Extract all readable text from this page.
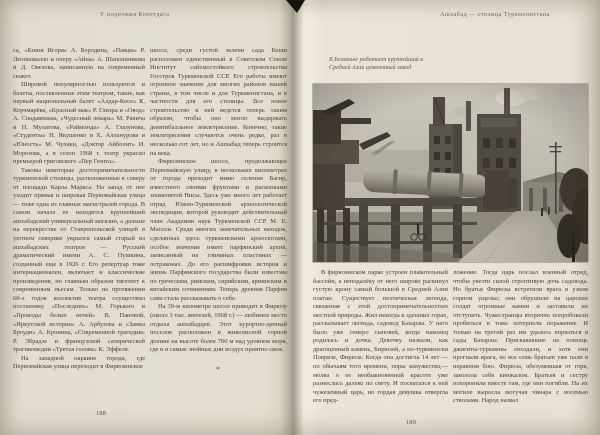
У подножия Копетдага	Ашхабад — столица Туркменистана

са, «Князя Игоря» А. Бородина, «Паяцы» Р. Леонковалло и оперу «Айна» А. Шапошникова и Д. Овезова, написанную на современный сюжет.

Широкой популярностью пользуются и балеты, поставленные этим театром, такие, как первый национальный балет «Алдар-Косе» К. Корчмарёва, «Красный мак» Р. Глиэра и «Овод» А. Спадавеккиа, «Чудесный лекарь» М. Равича и Н. Мухатова, «Раймонда» А. Глазунова, «Студенты» Н. Якушенко и Х. Алланурова и «Юность» М. Чулаки, «Доктор Айболит» И. Морозова, а в сезон 1968 г. театр украсил премьерой григовского «Пер Гюнта».

Таковы некоторые достопримечательности туркменской столицы, расположенные к северу от площади Карла Маркса. На запад от нее уходит прямая и широкая Первомайская улица — тоже одна из главных магистралей города. В самом начале ее находится крупнейший ашхабадский универсальный магазин, а дальше на перекрестке со Ставропольской улицей в уютном скверике укрылся самый старый из ашхабадских театров — Русский драматический имени А. С. Пушкина, созданный еще в 1926 г. Его репертуар тоже интернационален, включает и классические произведения, но главным образом тяготеет к современным пьесам. Только на протяжении 60-х годов коллектив театра осуществил постановку «Последних» М. Горького и «Проводы белых ночей» В. Пановой, «Иркутской истории» А. Арбузова и «Замка Броуди» А. Кронина, «Современной трагедии» Р. Эбрадзе и французской сатирической трагикомедии «Третья голова» К. Эффеля.

На западной окраине города, где Первомайская улица переходит в Фирюзинское

шоссе, среди густой зелени сада Кеши расположен единственный в Советском Союзе Институт сейсмостойкого строительства Госстроя Туркменской ССР. Его работы имеют огромное значение для многих районов нашей страны, в том числе и для Туркменистана, и в частности для его столицы. Все новое строительство в ней ведется теперь таким образом, чтобы оно могло выдержать девятибалльное землетрясение. Конечно, такие землетрясения случаются очень редко, раз в несколько сот лет, но и Ашхабад теперь строится на века.

Фирюзинское шоссе, продолжающее Первомайскую улицу, в нескольких километрах от города проходит мимо селения Багир, известного своими фруктами и раскопками знаменитой Нисы. Здесь уже много лет работает отряд Южно-Туркменской археологической экспедиции, которой руководит действительный член Академии наук Туркменской ССР М. Е. Массон. Среди многих замечательных находок, сделанных здесь туркменскими археологами, особое значение имеет парфянский архив, записанный на глиняных пластинах — остраконах. До его расшифровки история и жизнь Парфянского государства были известны по греческим, римским, сирийским, армянским и китайским сочинениям. Теперь древняя Парфия сама стала рассказывать о себе.

На 39-м километре шоссе приводит в Фирюзу (около 3 тыс. жителей, 1968 г.) — любимое место отдыха ашхабадцев. Этот курортно-дачный поселок расположен в живописной горной долине на высоте более 700 м над уровнем моря, где и в самые знойные дни воздух приятно свеж.

*
188
В Безмеине работает крупнейший в
Средней Азии цементный завод

В фирюзинском парке устроен плавательный бассейн, а неподалёку от него широко раскинул густую крону самый большой в Средней Азии платан. Существует поэтическая легенда, связанная с этой достопримечательностью местной природы. Жил некогда в здешних горах, рассказывает легенда, садовод Бахарлы. У него было уже семеро сыновей, когда наконец родилась и дочка. Девочку назвали, как драгоценный камень, Бирюзой, а по-туркменски Повризе, Фирюза. Когда она достигла 14 лет — по обычаям того времени, поры замужества,— молва о ее необыкновенной красоте уже разнеслась далеко по свету. И посватался к ней чужеземный царь, но гордая девушка отвергла его пред-

ложение. Тогда царь послал военный отряд, чтобы увезти силой строптивую дочь садовода. Но братья Фирюзы встретили врага в узком горном ущелье; они обрушили на царских солдат огромные камни и заставили их отступить. Чужестранцы вторично попробовали пробиться и тоже потерпели поражение. И только на третий раз им удалось ворваться в сады Бахарлы. Прискакавшие на помощь джигиты-туркмены опоздали, и хотя они прогнали врага, но все семь братьев уже пали в неравном бою. Фирюза, обезумевшая от горя, заколола себя кинжалом. Братьев и сестру похоронили вместе там, где они погибли. На их могиле выросла могучая чинара с восемью стволами. Народ назвал

189
